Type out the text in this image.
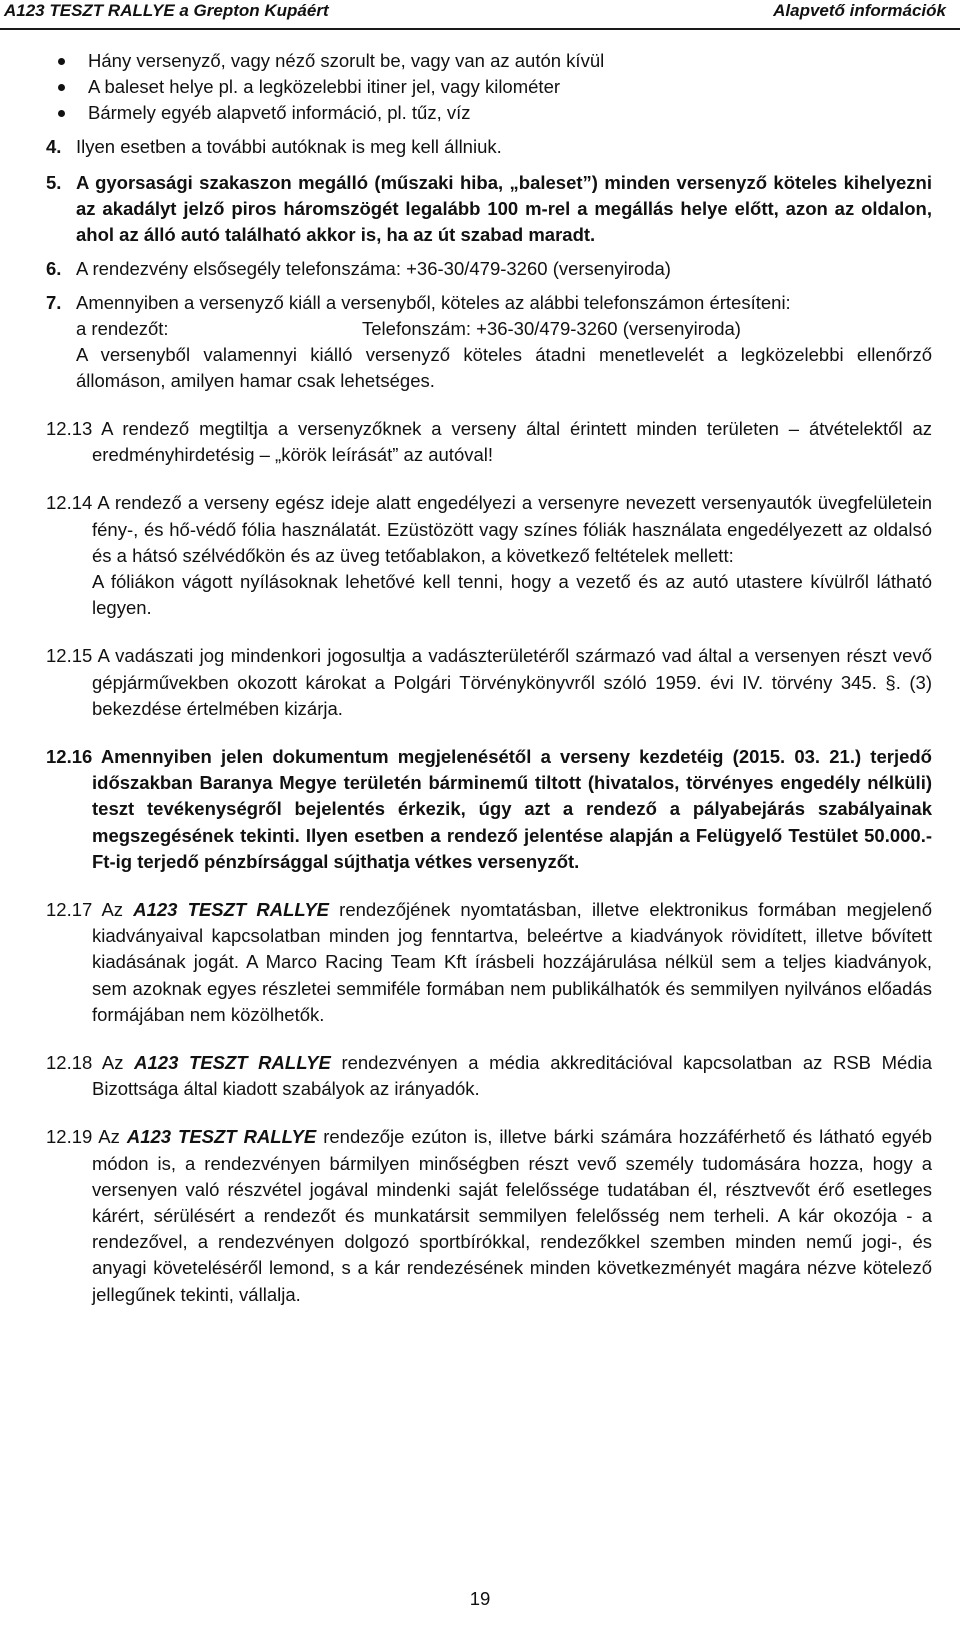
A123 TESZT RALLYE a Grepton Kupáért	Alapvető információk
Hány versenyző, vagy néző szorult be, vagy van az autón kívül
A baleset helye pl. a legközelebbi itiner jel, vagy kilométer
Bármely egyéb alapvető információ, pl. tűz, víz
4. Ilyen esetben a további autóknak is meg kell állniuk.
5. A gyorsasági szakaszon megálló (műszaki hiba, „baleset”) minden versenyző köteles kihelyezni az akadályt jelző piros háromszögét legalább 100 m-rel a megállás helye előtt, azon az oldalon, ahol az álló autó található akkor is, ha az út szabad maradt.
6. A rendezvény elsősegély telefonszáma: +36-30/479-3260 (versenyiroda)
7. Amennyiben a versenyző kiáll a versenyből, köteles az alábbi telefonszámon értesíteni:
a rendezőt:	Telefonszám: +36-30/479-3260 (versenyiroda)
A versenyből valamennyi kiálló versenyző köteles átadni menetlevelét a legközelebbi ellenőrző állomáson, amilyen hamar csak lehetséges.
12.13 A rendező megtiltja a versenyzőknek a verseny által érintett minden területen – átvételektől az eredményhirdetésig – „körök leírását” az autóval!
12.14 A rendező a verseny egész ideje alatt engedélyezi a versenyre nevezett versenyautók üvegfelületein fény-, és hő-védő fólia használatát. Ezüstözött vagy színes fóliák használata engedélyezett az oldalsó és a hátsó szélvédőkön és az üveg tetőablakon, a következő feltételek mellett:
A fóliákon vágott nyílásoknak lehetővé kell tenni, hogy a vezető és az autó utastere kívülről látható legyen.
12.15 A vadászati jog mindenkori jogosultja a vadászterületéről származó vad által a versenyen részt vevő gépjárművekben okozott károkat a Polgári Törvénykönyvről szóló 1959. évi IV. törvény 345. §. (3) bekezdése értelmében kizárja.
12.16 Amennyiben jelen dokumentum megjelenésétől a verseny kezdetéig (2015. 03. 21.) terjedő időszakban Baranya Megye területén bárminemű tiltott (hivatalos, törvényes engedély nélküli) teszt tevékenységről bejelentés érkezik, úgy azt a rendező a pályabejárás szabályainak megszegésének tekinti. Ilyen esetben a rendező jelentése alapján a Felügyelő Testület 50.000.- Ft-ig terjedő pénzbírsággal sújthatja vétkes versenyzőt.
12.17 Az A123 TESZT RALLYE rendezőjének nyomtatásban, illetve elektronikus formában megjelenő kiadványaival kapcsolatban minden jog fenntartva, beleértve a kiadványok rövidített, illetve bővített kiadásának jogát. A Marco Racing Team Kft írásbeli hozzájárulása nélkül sem a teljes kiadványok, sem azoknak egyes részletei semmiféle formában nem publikálhatók és semmilyen nyilvános előadás formájában nem közölhetők.
12.18 Az A123 TESZT RALLYE rendezvényen a média akkreditációval kapcsolatban az RSB Média Bizottsága által kiadott szabályok az irányadók.
12.19 Az A123 TESZT RALLYE rendezője ezúton is, illetve bárki számára hozzáférhető és látható egyéb módon is, a rendezvényen bármilyen minőségben részt vevő személy tudomására hozza, hogy a versenyen való részvétel jogával mindenki saját felelőssége tudatában él, résztvevőt érő esetleges kárért, sérülésért a rendezőt és munkatársit semmilyen felelősség nem terheli. A kár okozója - a rendezővel, a rendezvényen dolgozó sportbírókkal, rendezőkkel szemben minden nemű jogi-, és anyagi követeléséről lemond, s a kár rendezésének minden következményét magára nézve kötelező jellegűnek tekinti, vállalja.
19
